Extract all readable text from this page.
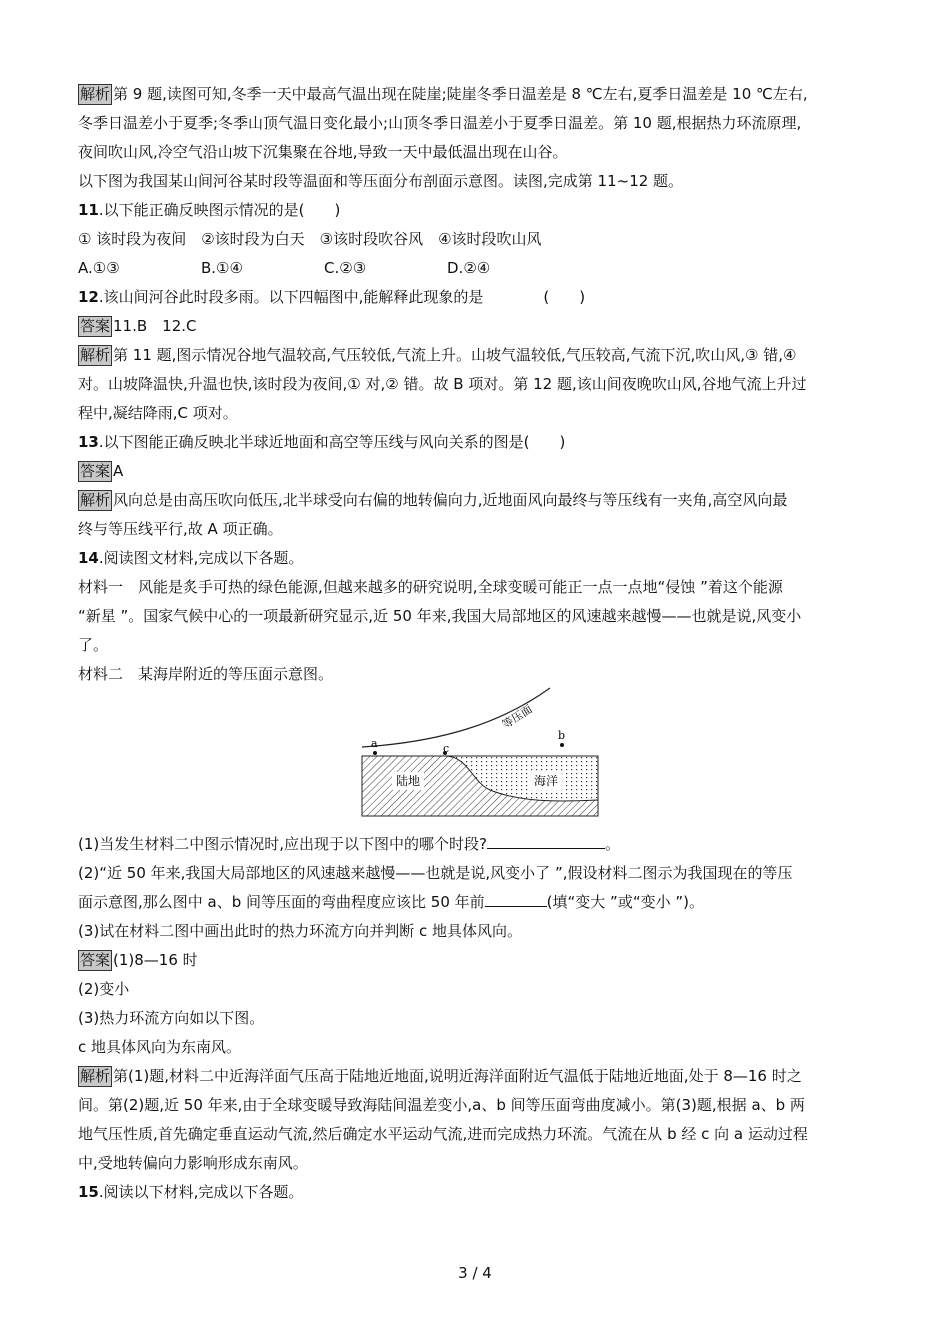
解析 第 9 题,读图可知,冬季一天中最高气温出现在陡崖;陡崖冬季日温差是 8 ℃左右,夏季日温差是 10 ℃左右,
冬季日温差小于夏季;冬季山顶气温日变化最小;山顶冬季日温差小于夏季日温差。第 10 题,根据热力环流原理,
夜间吹山风,冷空气沿山坡下沉集聚在谷地,导致一天中最低温出现在山谷。
以下图为我国某山间河谷某时段等温面和等压面分布剖面示意图。读图,完成第 11~12 题。
11.以下能正确反映图示情况的是(　　)
① 该时段为夜间　②该时段为白天　③该时段吹谷风　④该时段吹山风
A.①③	B.①④	C.②③	D.②④
12.该山间河谷此时段多雨。以下四幅图中,能解释此现象的是　　　　(　　)
答案 11.B　12.C
解析 第 11 题,图示情况谷地气温较高,气压较低,气流上升。山坡气温较低,气压较高,气流下沉,吹山风,③ 错,④
对。山坡降温快,升温也快,该时段为夜间,① 对,② 错。故 B 项对。第 12 题,该山间夜晚吹山风,谷地气流上升过
程中,凝结降雨,C 项对。
13.以下图能正确反映北半球近地面和高空等压线与风向关系的图是(　　)
答案 A
解析 风向总是由高压吹向低压,北半球受向右偏的地转偏向力,近地面风向最终与等压线有一夹角,高空风向最
终与等压线平行,故 A 项正确。
14.阅读图文材料,完成以下各题。
材料一　风能是炙手可热的绿色能源,但越来越多的研究说明,全球变暖可能正一点一点地“侵蚀 ”着这个能源
“新星 ”。国家气候中心的一项最新研究显示,近 50 年来,我国大局部地区的风速越来越慢——也就是说,风变小
了。
材料二　某海岸附近的等压面示意图。
陆地	海洋
等压面
a
b
c
(1)当发生材料二中图示情况时,应出现于以下图中的哪个时段?	。
(2)“近 50 年来,我国大局部地区的风速越来越慢——也就是说,风变小了 ”,假设材料二图示为我国现在的等压
面示意图,那么图中 a、b 间等压面的弯曲程度应该比 50 年前	(填“变大 ”或“变小 ”)。
(3)试在材料二图中画出此时的热力环流方向并判断 c 地具体风向。
答案 (1)8—16 时
(2)变小
(3)热力环流方向如以下图。
c 地具体风向为东南风。
解析 第(1)题,材料二中近海洋面气压高于陆地近地面,说明近海洋面附近气温低于陆地近地面,处于 8—16 时之
间。第(2)题,近 50 年来,由于全球变暖导致海陆间温差变小,a、b 间等压面弯曲度减小。第(3)题,根据 a、b 两
地气压性质,首先确定垂直运动气流,然后确定水平运动气流,进而完成热力环流。气流在从 b 经 c 向 a 运动过程
中,受地转偏向力影响形成东南风。
15.阅读以下材料,完成以下各题。
3 / 4
